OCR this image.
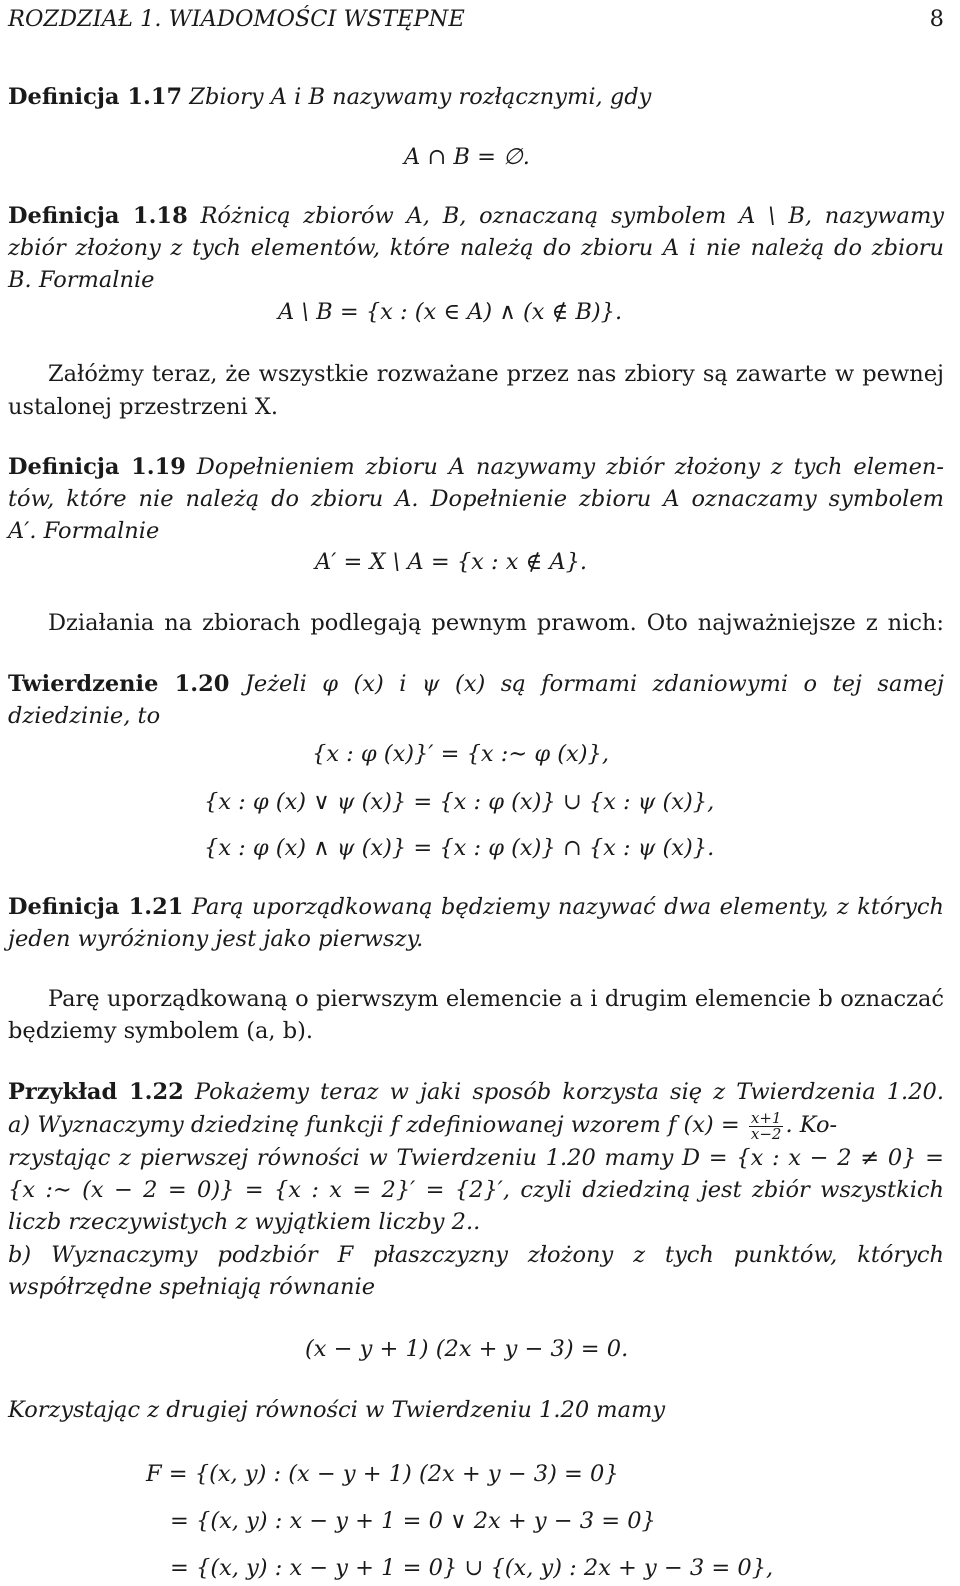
ROZDZIAŁ 1. WIADOMOŚCI WSTĘPNE	8
Definicja 1.17 Zbiory A i B nazywamy rozłącznymi, gdy
A ∩ B = ∅.
Definicja 1.18 Różnicą zbiorów A, B, oznaczaną symbolem A \ B, nazywamy
zbiór złożony z tych elementów, które należą do zbioru A i nie należą do zbioru
B. Formalnie
A \ B = {x : (x ∈ A) ∧ (x ∉ B)}.
Załóżmy teraz, że wszystkie rozważane przez nas zbiory są zawarte w pewnej
ustalonej przestrzeni X.
Definicja 1.19 Dopełnieniem zbioru A nazywamy zbiór złożony z tych elemen-
tów, które nie należą do zbioru A. Dopełnienie zbioru A oznaczamy symbolem
A′. Formalnie
A′ = X \ A = {x : x ∉ A}.
Działania na zbiorach podlegają pewnym prawom. Oto najważniejsze z nich:
Twierdzenie 1.20 Jeżeli φ (x) i ψ (x) są formami zdaniowymi o tej samej
dziedzinie, to
{x : φ (x)}′ = {x :∼ φ (x)},
{x : φ (x) ∨ ψ (x)} = {x : φ (x)} ∪ {x : ψ (x)},
{x : φ (x) ∧ ψ (x)} = {x : φ (x)} ∩ {x : ψ (x)}.
Definicja 1.21 Parą uporządkowaną będziemy nazywać dwa elementy, z których
jeden wyróżniony jest jako pierwszy.
Parę uporządkowaną o pierwszym elemencie a i drugim elemencie b oznaczać
będziemy symbolem (a, b).
Przykład 1.22 Pokażemy teraz w jaki sposób korzysta się z Twierdzenia 1.20.
a) Wyznaczymy dziedzinę funkcji f zdefiniowanej wzorem f $(x) = \frac{x+1}{x-2}$ . Ko-
rzystając z pierwszej równości w Twierdzeniu 1.20 mamy D = {x : x − 2 ≠ 0} =
{x :∼ (x − 2 = 0)} = {x : x = 2}′ = {2}′, czyli dziedziną jest zbiór wszystkich
liczb rzeczywistych z wyjątkiem liczby 2..
b) Wyznaczymy podzbiór F płaszczyzny złożony z tych punktów, których
współrzędne spełniają równanie
(x − y + 1) (2x + y − 3) = 0.
Korzystając z drugiej równości w Twierdzeniu 1.20 mamy
F = {(x, y) : (x − y + 1) (2x + y − 3) = 0}
= {(x, y) : x − y + 1 = 0 ∨ 2x + y − 3 = 0}
= {(x, y) : x − y + 1 = 0} ∪ {(x, y) : 2x + y − 3 = 0},
